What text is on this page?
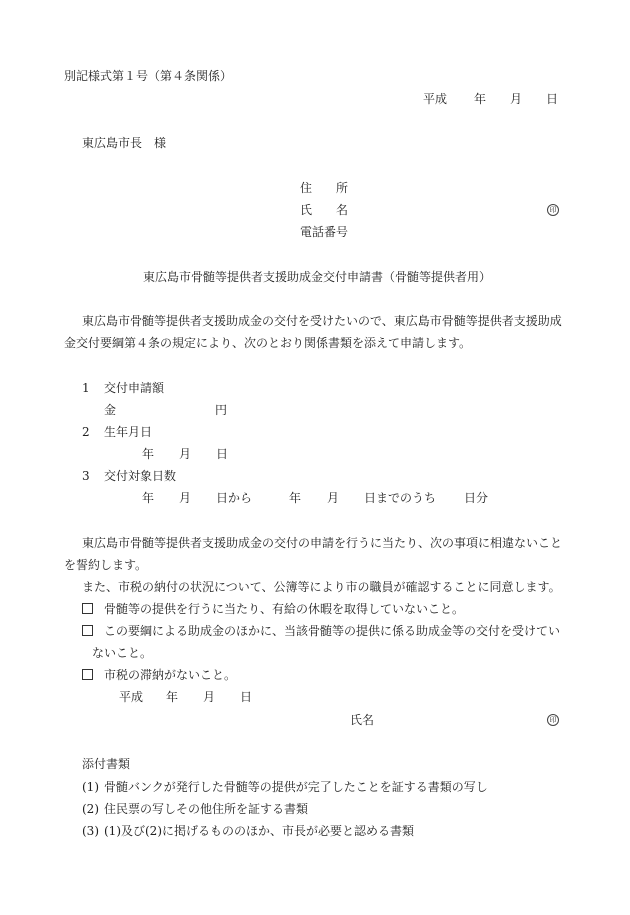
別記様式第１号（第４条関係）
平成 年 月 日
東広島市長　様
住　　所
氏　　名	印
電話番号
東広島市骨髄等提供者支援助成金交付申請書（骨髄等提供者用）
東広島市骨髄等提供者支援助成金の交付を受けたいので、東広島市骨髄等提供者支援助成
金交付要綱第４条の規定により、次のとおり関係書類を添えて申請します。
1 交付申請額
金	円
2 生年月日
年 月 日
3 交付対象日数
年 月 日から	年 月 日までのうち 日分
東広島市骨髄等提供者支援助成金の交付の申請を行うに当たり、次の事項に相違ないこと
を誓約します。
また、市税の納付の状況について、公簿等により市の職員が確認することに同意します。
骨髄等の提供を行うに当たり、有給の休暇を取得していないこと。
この要綱による助成金のほかに、当該骨髄等の提供に係る助成金等の交付を受けてい
ないこと。
市税の滞納がないこと。
平成 年 月 日
氏名	印
添付書類
(1) 骨髄バンクが発行した骨髄等の提供が完了したことを証する書類の写し
(2) 住民票の写しその他住所を証する書類
(3) (1)及び(2)に掲げるもののほか、市長が必要と認める書類
